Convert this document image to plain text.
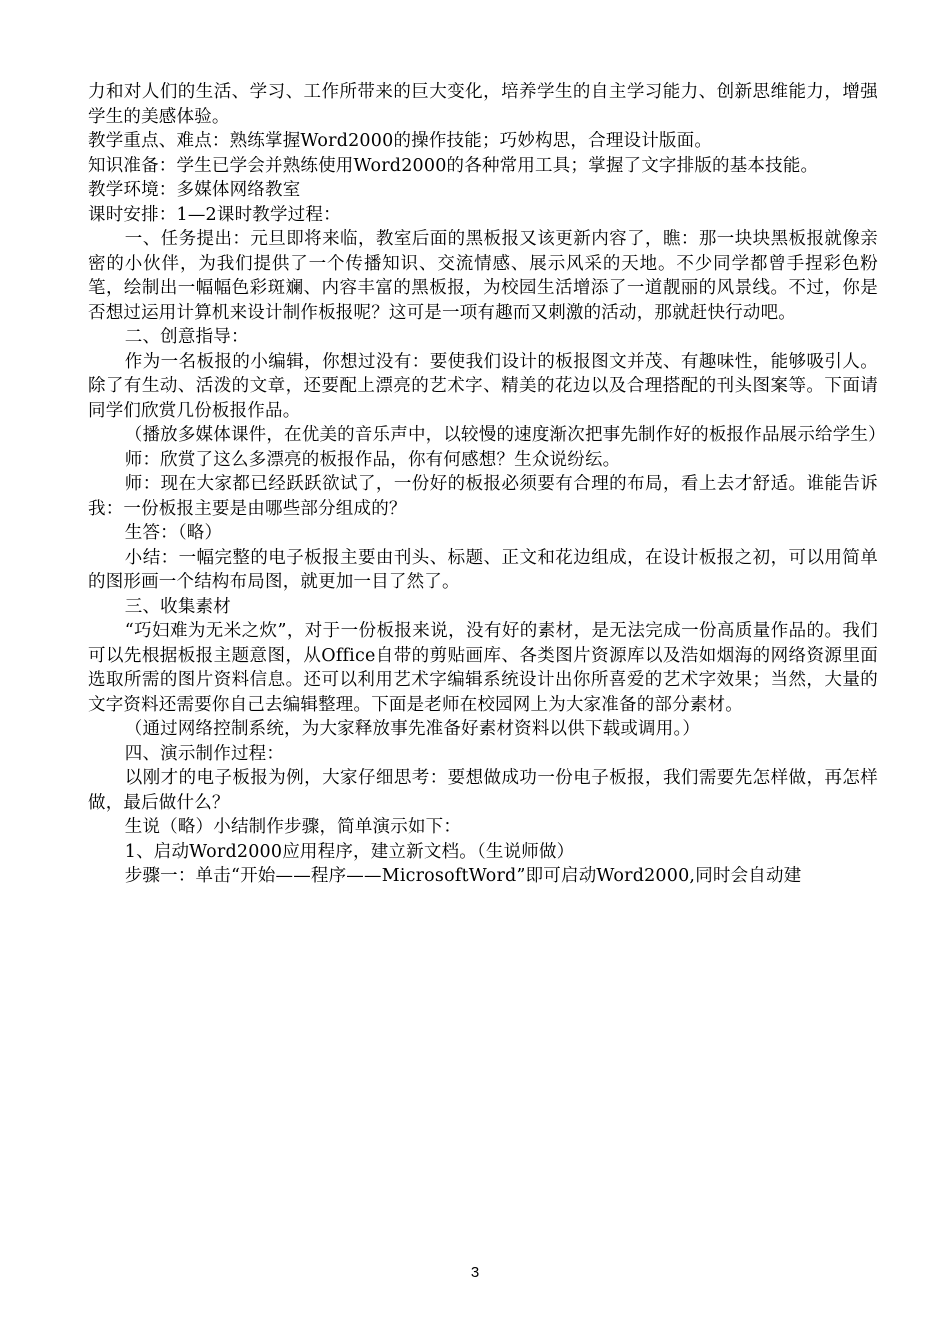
力和对人们的生活、学习、工作所带来的巨大变化，培养学生的自主学习能力、创新思维能力，增强学生的美感体验。

教学重点、难点：熟练掌握Word2000的操作技能；巧妙构思，合理设计版面。

知识准备：学生已学会并熟练使用Word2000的各种常用工具；掌握了文字排版的基本技能。

教学环境：多媒体网络教室

课时安排：1—2课时教学过程：

一、任务提出：元旦即将来临，教室后面的黑板报又该更新内容了，瞧：那一块块黑板报就像亲密的小伙伴，为我们提供了一个传播知识、交流情感、展示风采的天地。不少同学都曾手捏彩色粉笔，绘制出一幅幅色彩斑斓、内容丰富的黑板报，为校园生活增添了一道靓丽的风景线。不过，你是否想过运用计算机来设计制作板报呢？这可是一项有趣而又刺激的活动，那就赶快行动吧。

二、创意指导：

作为一名板报的小编辑，你想过没有：要使我们设计的板报图文并茂、有趣味性，能够吸引人。除了有生动、活泼的文章，还要配上漂亮的艺术字、精美的花边以及合理搭配的刊头图案等。下面请同学们欣赏几份板报作品。

（播放多媒体课件，在优美的音乐声中，以较慢的速度渐次把事先制作好的板报作品展示给学生）

师：欣赏了这么多漂亮的板报作品，你有何感想？生众说纷纭。

师：现在大家都已经跃跃欲试了，一份好的板报必须要有合理的布局，看上去才舒适。谁能告诉我：一份板报主要是由哪些部分组成的？

生答：（略）

小结：一幅完整的电子板报主要由刊头、标题、正文和花边组成，在设计板报之初，可以用简单的图形画一个结构布局图，就更加一目了然了。

三、收集素材

“巧妇难为无米之炊”，对于一份板报来说，没有好的素材，是无法完成一份高质量作品的。我们可以先根据板报主题意图，从Office自带的剪贴画库、各类图片资源库以及浩如烟海的网络资源里面选取所需的图片资料信息。还可以利用艺术字编辑系统设计出你所喜爱的艺术字效果；当然，大量的文字资料还需要你自己去编辑整理。下面是老师在校园网上为大家准备的部分素材。

（通过网络控制系统，为大家释放事先准备好素材资料以供下载或调用。）

四、演示制作过程：

以刚才的电子板报为例，大家仔细思考：要想做成功一份电子板报，我们需要先怎样做，再怎样做，最后做什么？

生说（略）小结制作步骤，简单演示如下：

1、启动Word2000应用程序，建立新文档。（生说师做）

步骤一：单击“开始——程序——MicrosoftWord”即可启动Word2000,同时会自动建

3
